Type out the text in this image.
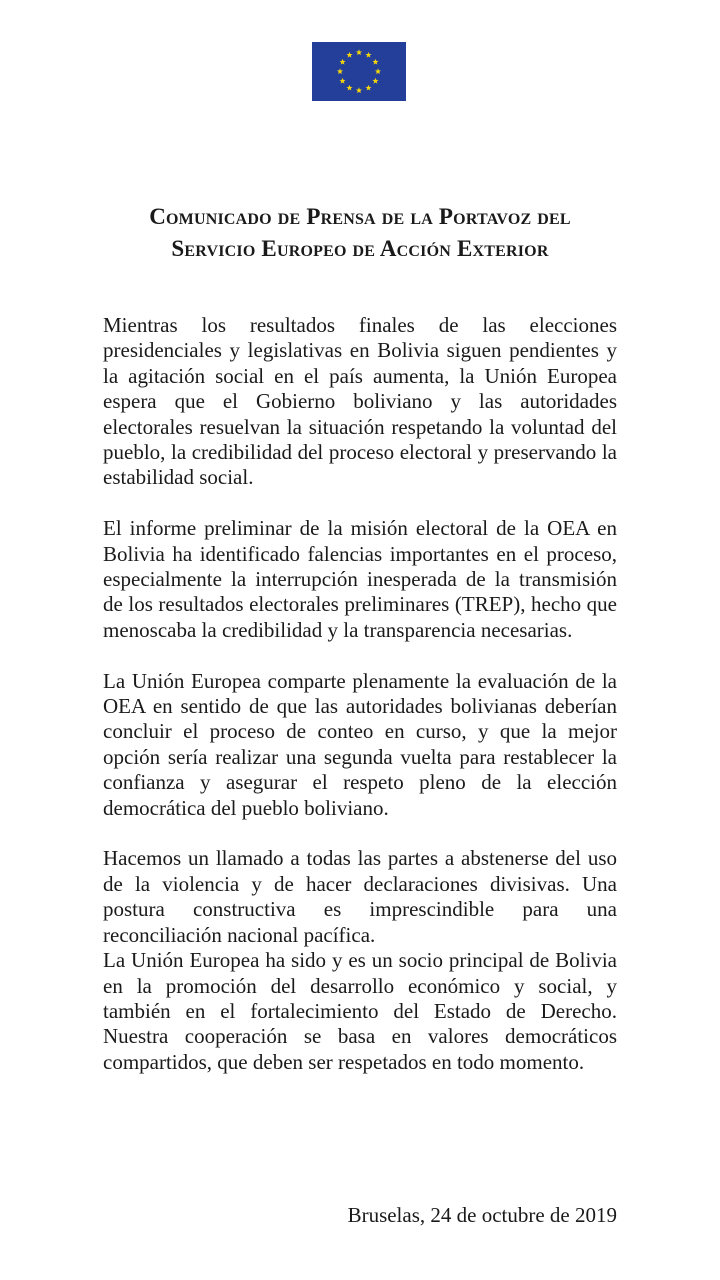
Comunicado de Prensa de la Portavoz del
Servicio Europeo de Acción Exterior

Mientras los resultados finales de las elecciones presidenciales y legislativas en Bolivia siguen pendientes y la agitación social en el país aumenta, la Unión Europea espera que el Gobierno boliviano y las autoridades electorales resuelvan la situación respetando la voluntad del pueblo, la credibilidad del proceso electoral y preservando la estabilidad social.

El informe preliminar de la misión electoral de la OEA en Bolivia ha identificado falencias importantes en el proceso, especialmente la interrupción inesperada de la transmisión de los resultados electorales preliminares (TREP), hecho que menoscaba la credibilidad y la transparencia necesarias.

La Unión Europea comparte plenamente la evaluación de la OEA en sentido de que las autoridades bolivianas deberían concluir el proceso de conteo en curso, y que la mejor opción sería realizar una segunda vuelta para restablecer la confianza y asegurar el respeto pleno de la elección democrática del pueblo boliviano.

Hacemos un llamado a todas las partes a abstenerse del uso de la violencia y de hacer declaraciones divisivas. Una postura constructiva es imprescindible para una reconciliación nacional pacífica.

La Unión Europea ha sido y es un socio principal de Bolivia en la promoción del desarrollo económico y social, y también en el fortalecimiento del Estado de Derecho. Nuestra cooperación se basa en valores democráticos compartidos, que deben ser respetados en todo momento.

Bruselas, 24 de octubre de 2019
